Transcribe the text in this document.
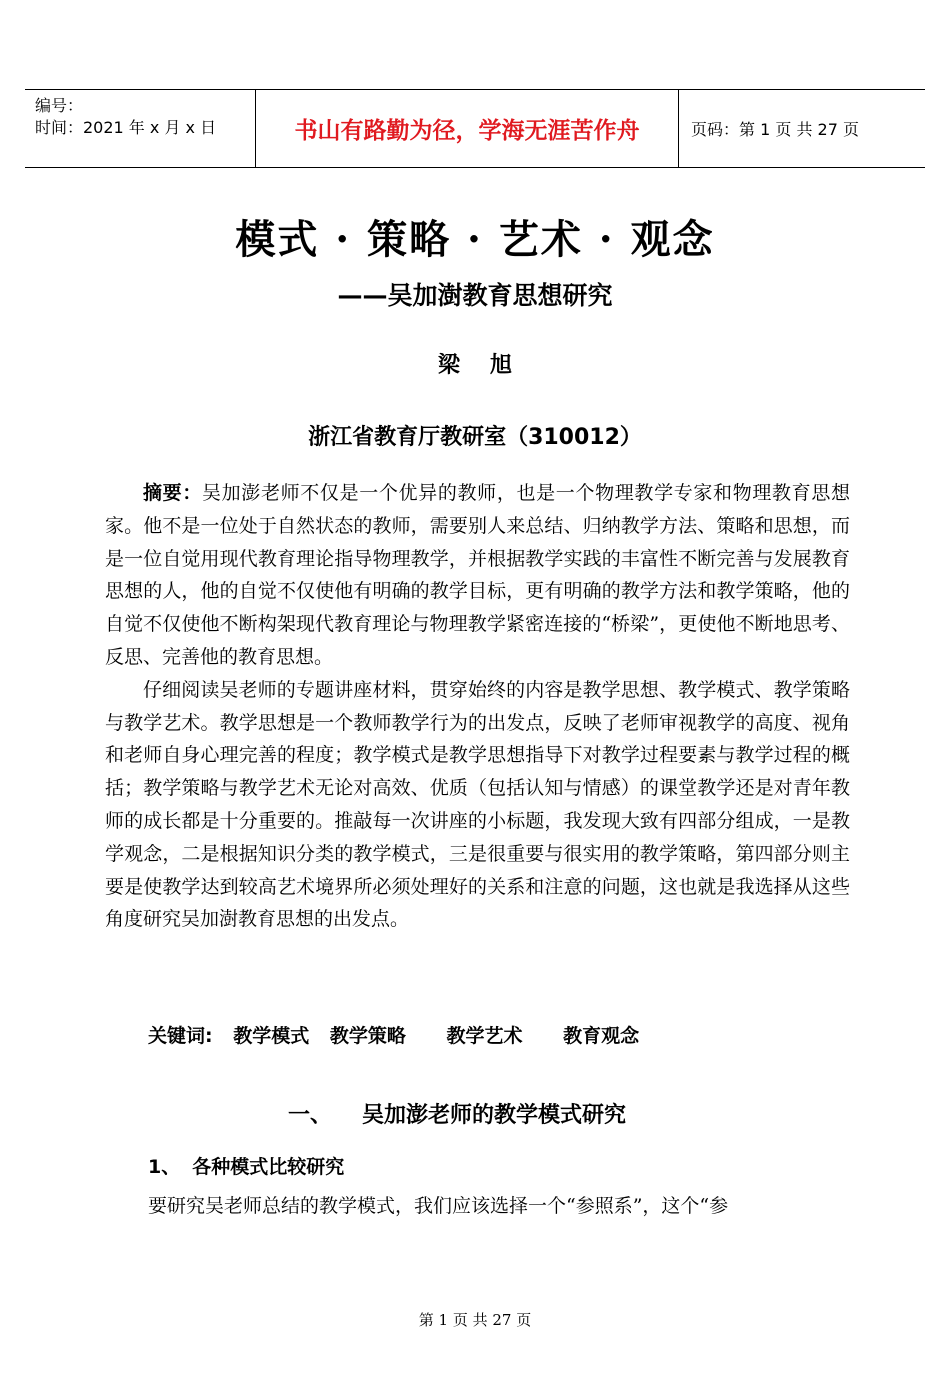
编号：
时间：2021 年 x 月 x 日	书山有路勤为径，学海无涯苦作舟	页码：第 1 页 共 27 页
模式 · 策略 · 艺术 · 观念
——吴加澍教育思想研究
梁旭
浙江省教育厅教研室（310012）

摘要：吴加澎老师不仅是一个优异的教师，也是一个物理教学专家和物理教育思想家。他不是一位处于自然状态的教师，需要别人来总结、归纳教学方法、策略和思想，而是一位自觉用现代教育理论指导物理教学，并根据教学实践的丰富性不断完善与发展教育思想的人，他的自觉不仅使他有明确的教学目标，更有明确的教学方法和教学策略，他的自觉不仅使他不断构架现代教育理论与物理教学紧密连接的“桥梁”，更使他不断地思考、反思、完善他的教育思想。

仔细阅读吴老师的专题讲座材料，贯穿始终的内容是教学思想、教学模式、教学策略与教学艺术。教学思想是一个教师教学行为的出发点，反映了老师审视教学的高度、视角和老师自身心理完善的程度；教学模式是教学思想指导下对教学过程要素与教学过程的概括；教学策略与教学艺术无论对高效、优质（包括认知与情感）的课堂教学还是对青年教师的成长都是十分重要的。推敲每一次讲座的小标题，我发现大致有四部分组成，一是教学观念，二是根据知识分类的教学模式，三是很重要与很实用的教学策略，第四部分则主要是使教学达到较高艺术境界所必须处理好的关系和注意的问题，这也就是我选择从这些角度研究吴加澍教育思想的出发点。

关键词: 教学模式 教学策略 教学艺术 教育观念
一、 吴加澎老师的教学模式研究
1、 各种模式比较研究
要研究吴老师总结的教学模式，我们应该选择一个“参照系”，这个“参
第 1 页 共 27 页
